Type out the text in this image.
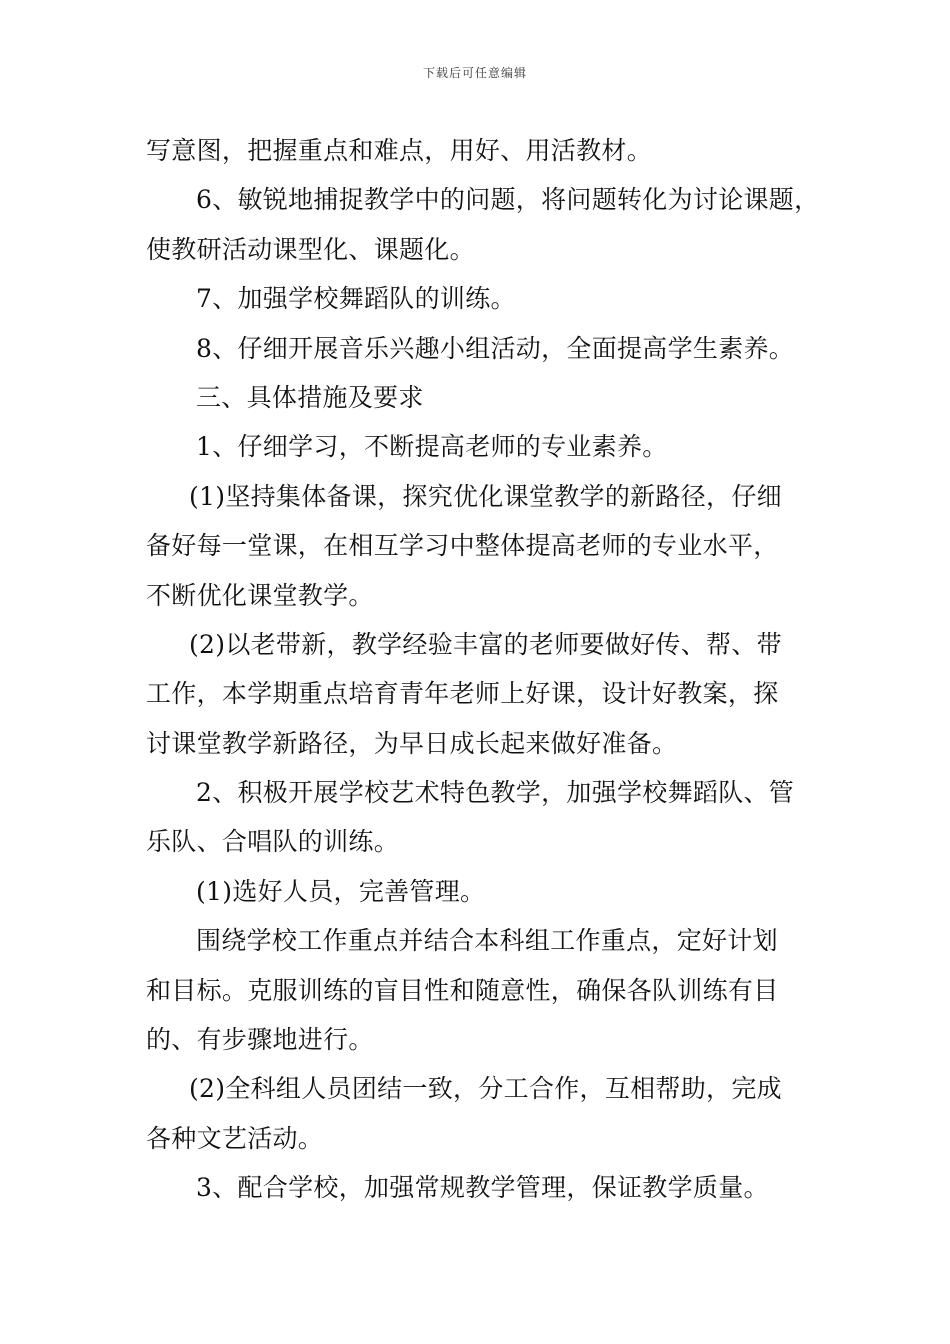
下载后可任意编辑
写意图，把握重点和难点，用好、用活教材。
6、敏锐地捕捉教学中的问题，将问题转化为讨论课题，
使教研活动课型化、课题化。
7、加强学校舞蹈队的训练。
8、仔细开展音乐兴趣小组活动，全面提高学生素养。
三、具体措施及要求
1、仔细学习，不断提高老师的专业素养。
(1)坚持集体备课，探究优化课堂教学的新路径，仔细
备好每一堂课，在相互学习中整体提高老师的专业水平，
不断优化课堂教学。
(2)以老带新，教学经验丰富的老师要做好传、帮、带
工作，本学期重点培育青年老师上好课，设计好教案，探
讨课堂教学新路径，为早日成长起来做好准备。
2、积极开展学校艺术特色教学，加强学校舞蹈队、管
乐队、合唱队的训练。
(1)选好人员，完善管理。
围绕学校工作重点并结合本科组工作重点，定好计划
和目标。克服训练的盲目性和随意性，确保各队训练有目
的、有步骤地进行。
(2)全科组人员团结一致，分工合作，互相帮助，完成
各种文艺活动。
3、配合学校，加强常规教学管理，保证教学质量。
